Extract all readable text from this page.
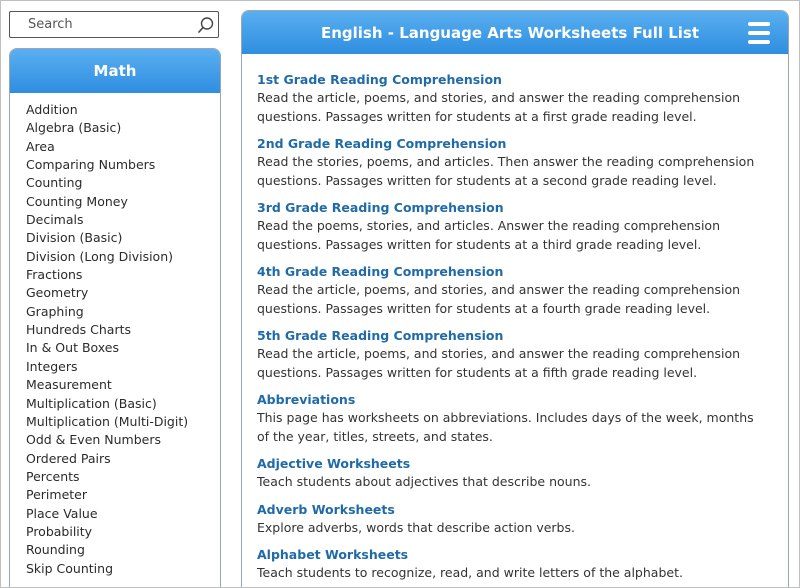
Search
Math
Addition
Algebra (Basic)
Area
Comparing Numbers
Counting
Counting Money
Decimals
Division (Basic)
Division (Long Division)
Fractions
Geometry
Graphing
Hundreds Charts
In & Out Boxes
Integers
Measurement
Multiplication (Basic)
Multiplication (Multi-Digit)
Odd & Even Numbers
Ordered Pairs
Percents
Perimeter
Place Value
Probability
Rounding
Skip Counting
English - Language Arts Worksheets Full List
1st Grade Reading Comprehension
Read the article, poems, and stories, and answer the reading comprehension questions. Passages written for students at a first grade reading level.
2nd Grade Reading Comprehension
Read the stories, poems, and articles. Then answer the reading comprehension questions. Passages written for students at a second grade reading level.
3rd Grade Reading Comprehension
Read the poems, stories, and articles. Answer the reading comprehension questions. Passages written for students at a third grade reading level.
4th Grade Reading Comprehension
Read the article, poems, and stories, and answer the reading comprehension questions. Passages written for students at a fourth grade reading level.
5th Grade Reading Comprehension
Read the article, poems, and stories, and answer the reading comprehension questions. Passages written for students at a fifth grade reading level.
Abbreviations
This page has worksheets on abbreviations. Includes days of the week, months of the year, titles, streets, and states.
Adjective Worksheets
Teach students about adjectives that describe nouns.
Adverb Worksheets
Explore adverbs, words that describe action verbs.
Alphabet Worksheets
Teach students to recognize, read, and write letters of the alphabet.
